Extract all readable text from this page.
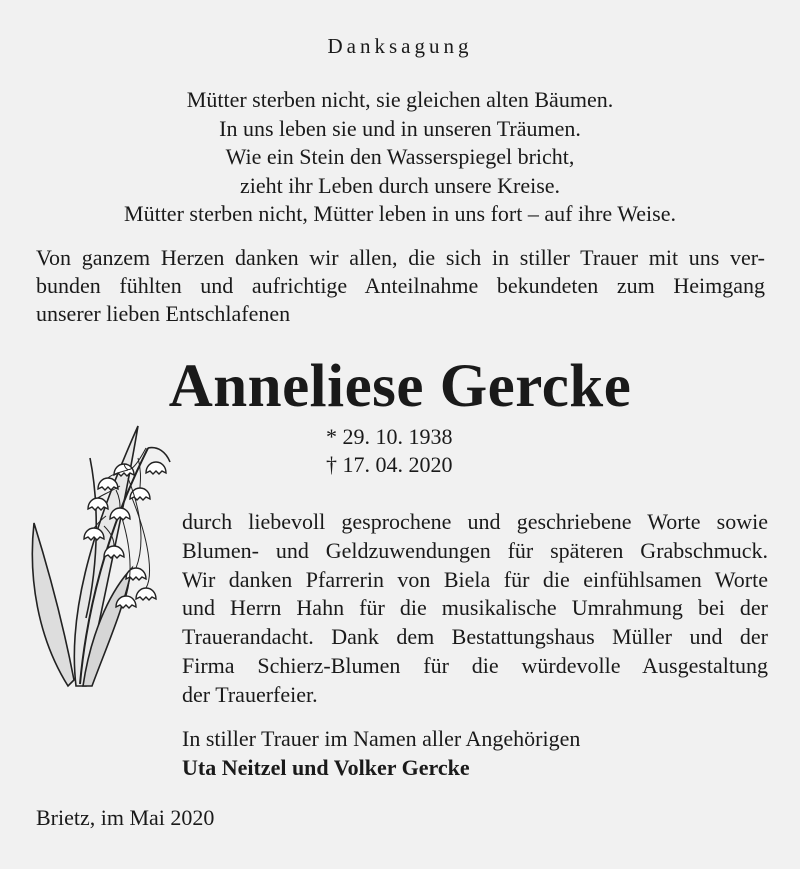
Danksagung
Mütter sterben nicht, sie gleichen alten Bäumen.
In uns leben sie und in unseren Träumen.
Wie ein Stein den Wasserspiegel bricht,
zieht ihr Leben durch unsere Kreise.
Mütter sterben nicht, Mütter leben in uns fort – auf ihre Weise.
Von ganzem Herzen danken wir allen, die sich in stiller Trauer mit uns ver-
bunden fühlten und aufrichtige Anteilnahme bekundeten zum Heimgang
unserer lieben Entschlafenen
Anneliese Gercke
* 29. 10. 1938
† 17. 04. 2020
durch liebevoll gesprochene und geschriebene Worte sowie
Blumen- und Geldzuwendungen für späteren Grabschmuck.
Wir danken Pfarrerin von Biela für die einfühlsamen Worte
und Herrn Hahn für die musikalische Umrahmung bei der
Trauerandacht. Dank dem Bestattungshaus Müller und der
Firma Schierz-Blumen für die würdevolle Ausgestaltung
der Trauerfeier.
In stiller Trauer im Namen aller Angehörigen
Uta Neitzel und Volker Gercke
Brietz, im Mai 2020
